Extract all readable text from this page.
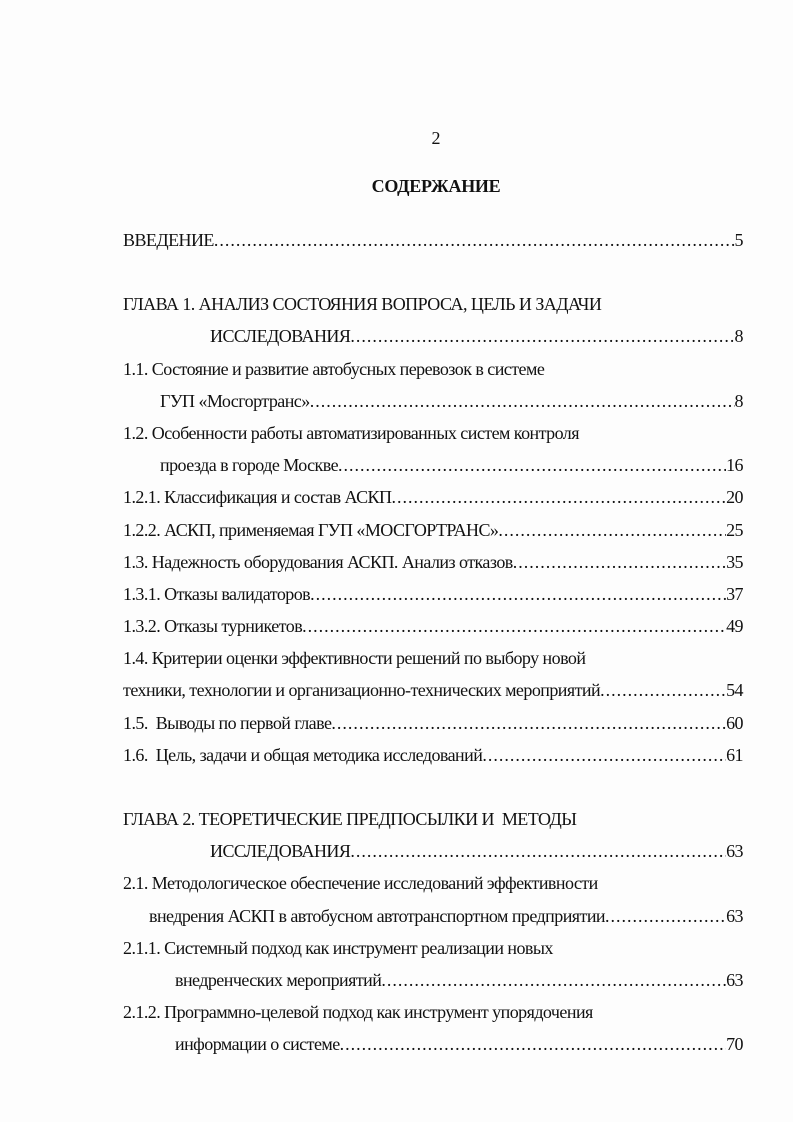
2
СОДЕРЖАНИЕ
ВВЕДЕНИЕ .....	5
ГЛАВА 1. АНАЛИЗ СОСТОЯНИЯ ВОПРОСА, ЦЕЛЬ И ЗАДАЧИ
ИССЛЕДОВАНИЯ .....	8
1.1. Состояние и развитие автобусных перевозок в системе
ГУП «Мосгортранс» .....	8
1.2. Особенности работы автоматизированных систем контроля
проезда в городе Москве .....	16
1.2.1. Классификация и состав АСКП .....	20
1.2.2. АСКП, применяемая ГУП «МОСГОРТРАНС» .....	25
1.3. Надежность оборудования АСКП. Анализ отказов .....	35
1.3.1. Отказы валидаторов .....	37
1.3.2. Отказы турникетов .....	49
1.4. Критерии оценки эффективности решений по выбору новой
техники, технологии и организационно-технических мероприятий .....	54
1.5.  Выводы по первой главе .....	60
1.6.  Цель, задачи и общая методика исследований .....	61
ГЛАВА 2. ТЕОРЕТИЧЕСКИЕ ПРЕДПОСЫЛКИ И  МЕТОДЫ
ИССЛЕДОВАНИЯ .....	63
2.1. Методологическое обеспечение исследований эффективности
внедрения АСКП в автобусном автотранспортном предприятии .....	63
2.1.1. Системный подход как инструмент реализации новых
внедренческих мероприятий .....	63
2.1.2. Программно-целевой подход как инструмент упорядочения
информации о системе .....	70
